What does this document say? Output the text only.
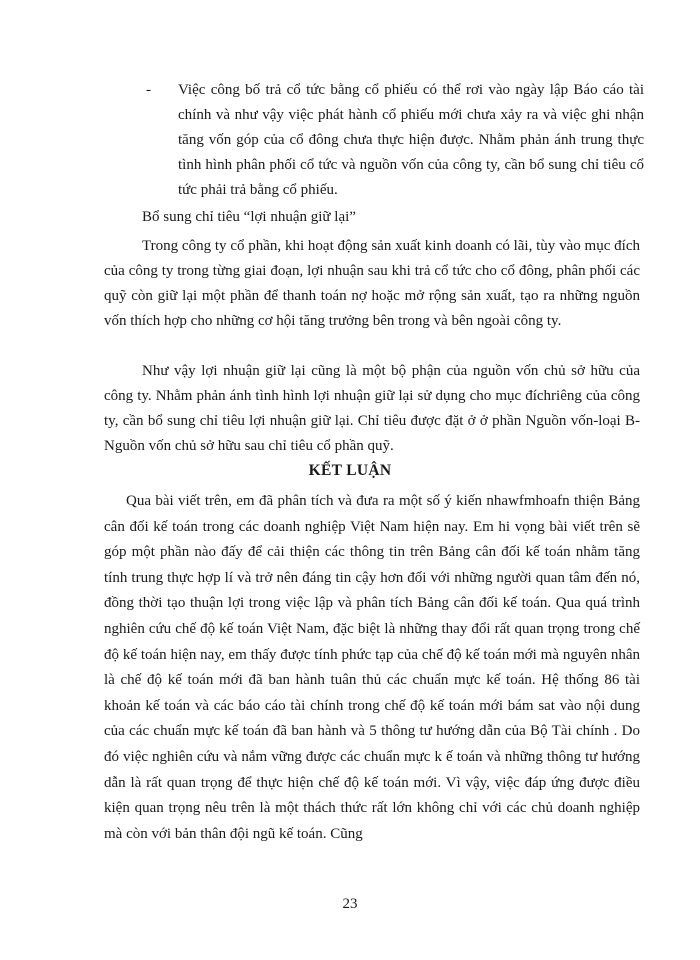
- Việc công bố trả cổ tức bằng cổ phiếu có thể rơi vào ngày lập Báo cáo tài chính và như vậy việc phát hành cổ phiếu mới chưa xảy ra và việc ghi nhận tăng vốn góp của cổ đông chưa thực hiện được. Nhằm phản ánh trung thực tình hình phân phối cổ tức và nguồn vốn của công ty, cần bổ sung chỉ tiêu cổ tức phải trả bằng cổ phiếu.
Bổ sung chỉ tiêu “lợi nhuận giữ lại”
Trong công ty cổ phần, khi hoạt động sản xuất kinh doanh có lãi, tùy vào mục đích của công ty trong từng giai đoạn, lợi nhuận sau khi trả cổ tức cho cổ đông, phân phối các quỹ còn giữ lại một phần để thanh toán nợ hoặc mở rộng sản xuất, tạo ra những nguồn vốn thích hợp cho những cơ hội tăng trưởng bên trong và bên ngoài công ty.
Như vậy lợi nhuận giữ lại cũng là một bộ phận của nguồn vốn chủ sở hữu của công ty. Nhằm phản ánh tình hình lợi nhuận giữ lại sử dụng cho mục đíchriêng của công ty, cần bổ sung chỉ tiêu lợi nhuận giữ lại. Chỉ tiêu được đặt ở ở phần Nguồn vốn-loại B- Nguồn vốn chủ sở hữu sau chỉ tiêu cổ phần quỹ.
KẾT LUẬN
Qua bài viết trên, em đã phân tích và đưa ra một số ý kiến nhawfmhoafn thiện Bảng cân đối kế toán trong các doanh nghiệp Việt Nam hiện nay. Em hi vọng bài viết trên sẽ góp một phần nào đấy để cải thiện các thông tin trên Bảng cân đối kế toán nhằm tăng tính trung thực hợp lí và trở nên đáng tin cậy hơn đối với những người quan tâm đến nó, đồng thời tạo thuận lợi trong việc lập và phân tích Bảng cân đối kế toán. Qua quá trình nghiên cứu chế độ kế toán Việt Nam, đặc biệt là những thay đổi rất quan trọng trong chế độ kế toán hiện nay, em thấy được tính phức tạp của chế độ kế toán mới mà nguyên nhân là chế độ kế toán mới đã ban hành tuân thủ các chuẩn mực kế toán. Hệ thống 86 tài khoản kế toán và các báo cáo tài chính trong chế độ kế toán mới bám sat vào nội dung của các chuẩn mực kế toán đã ban hành và 5 thông tư hướng dẫn của Bộ Tài chính . Do đó việc nghiên cứu và nắm vững được các chuẩn mực k ế toán và những thông tư hướng dẫn là rất quan trọng để thực hiện chế độ kế toán mới. Vì vậy, việc đáp ứng được điều kiện quan trọng nêu trên là một thách thức rất lớn không chỉ với các chủ doanh nghiệp mà còn với bản thân đội ngũ kế toán. Cũng
23
